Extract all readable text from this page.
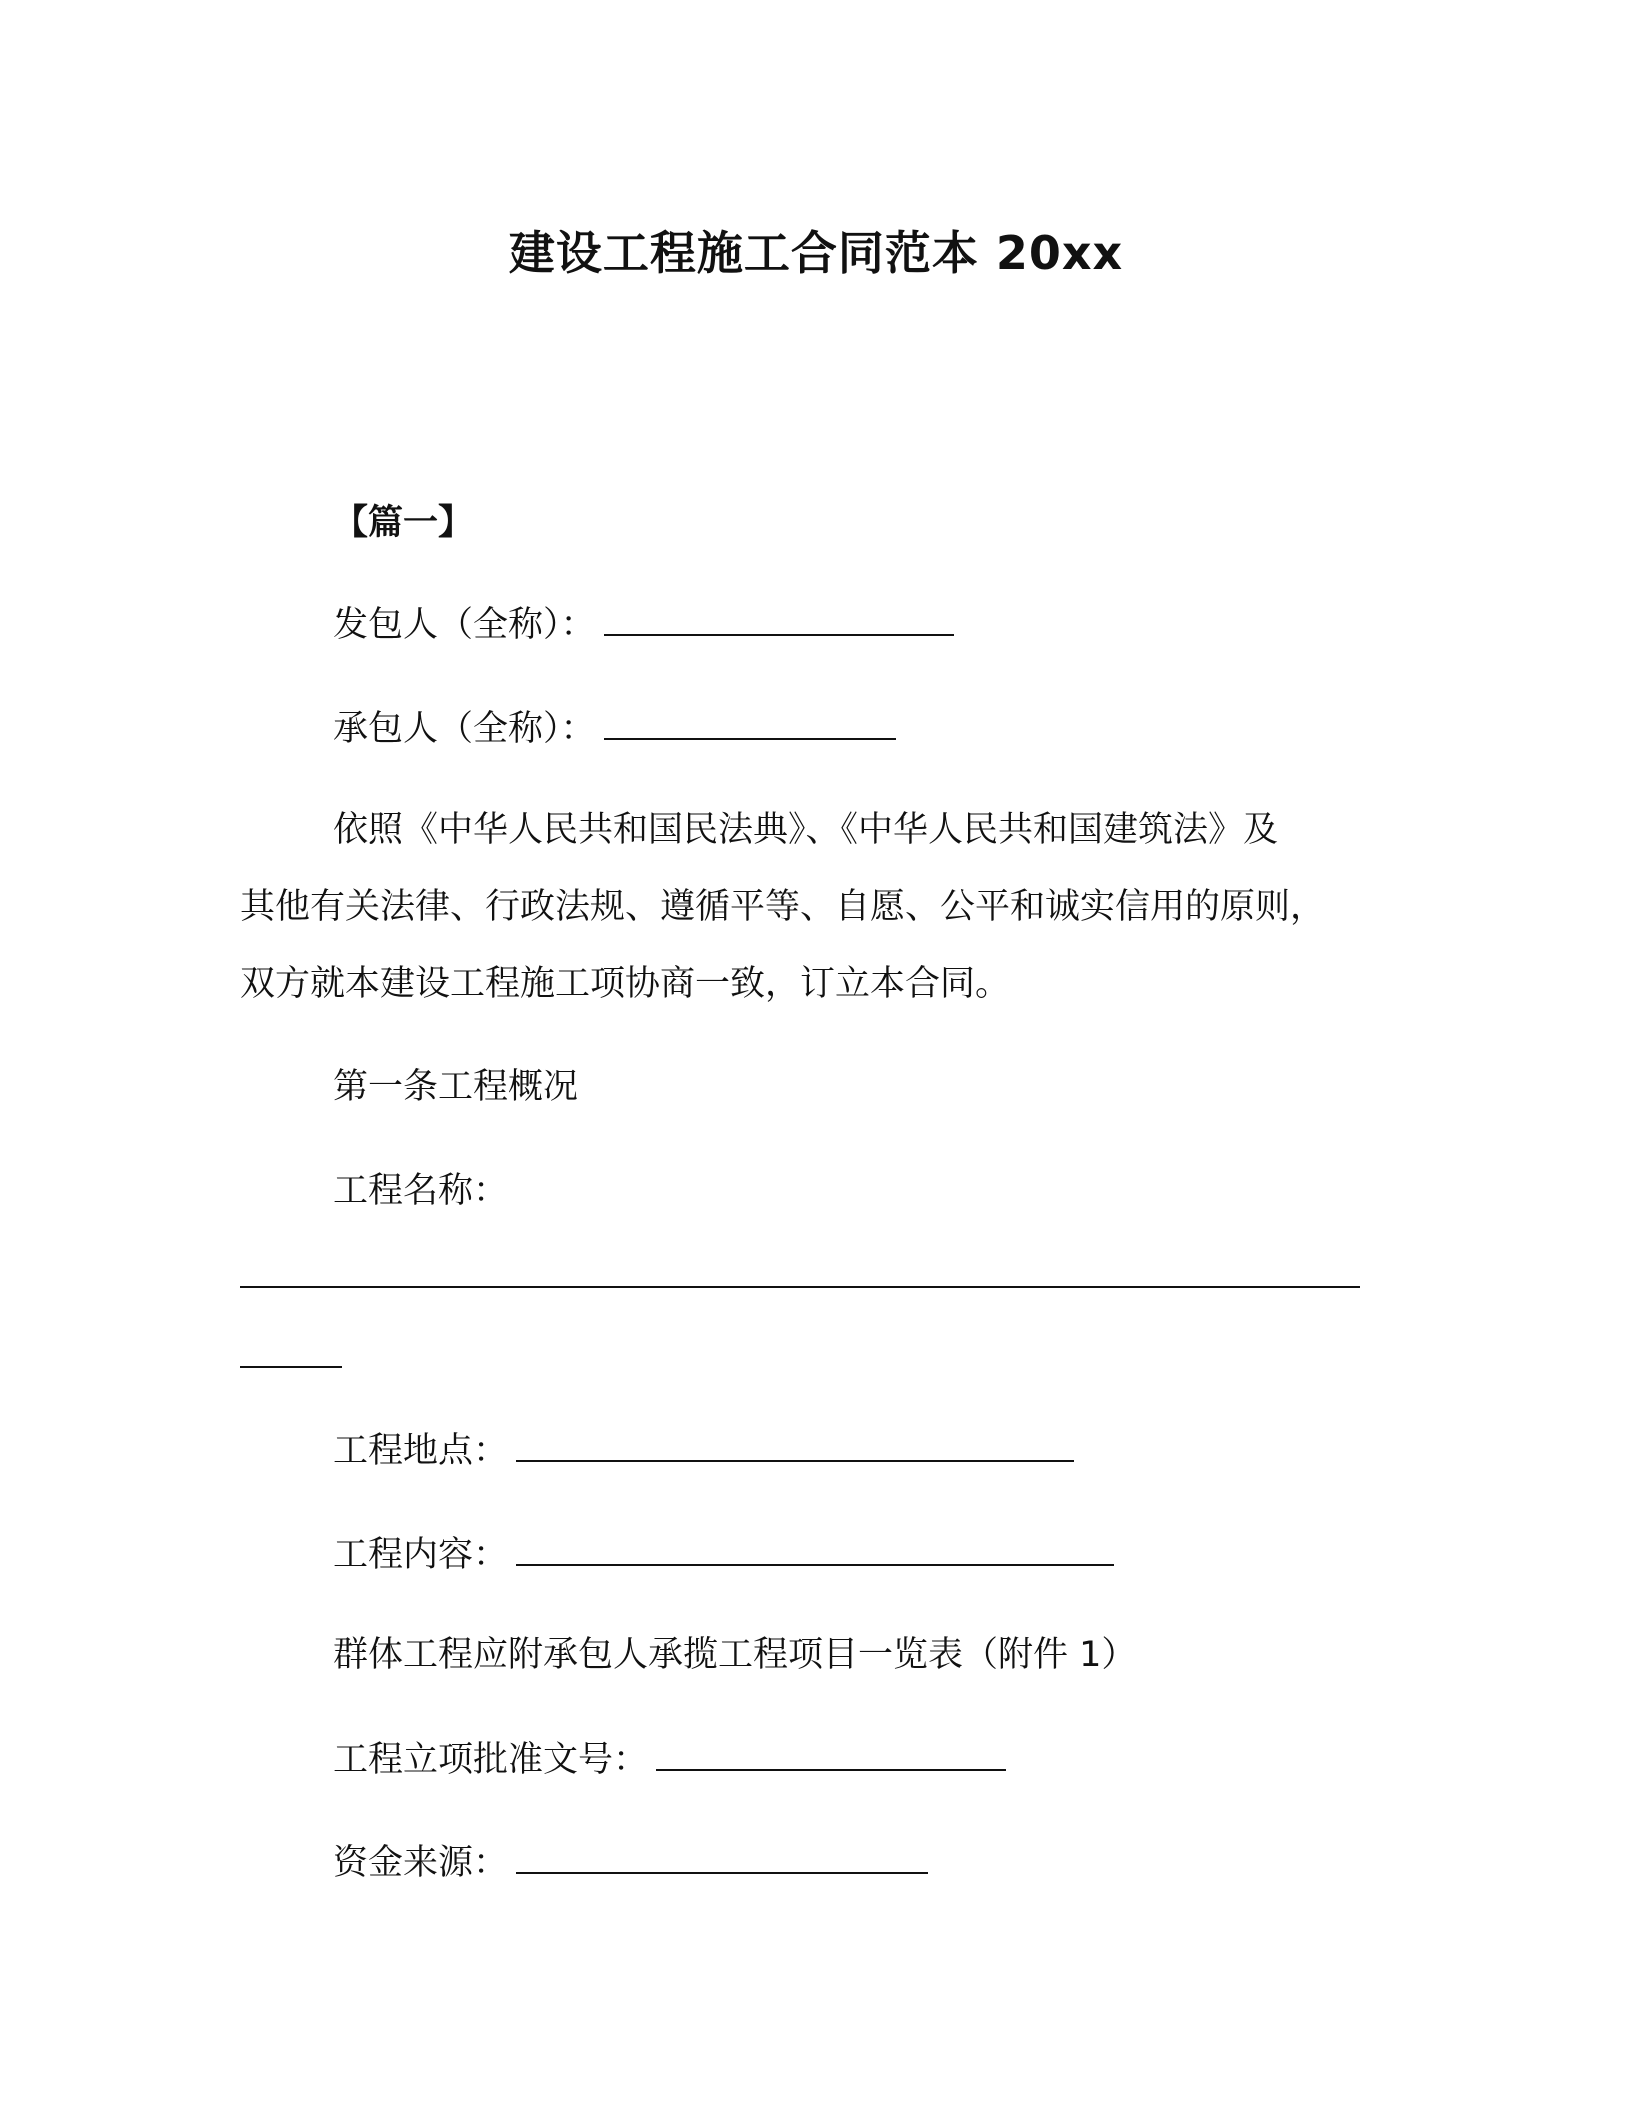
建设工程施工合同范本 20xx
【篇一】
发包人（全称）：
承包人（全称）：
依照《中华人民共和国民法典》、《中华人民共和国建筑法》及
其他有关法律、行政法规、遵循平等、自愿、公平和诚实信用的原则，
双方就本建设工程施工项协商一致，订立本合同。
第一条工程概况
工程名称：
工程地点：
工程内容：
群体工程应附承包人承揽工程项目一览表（附件 1）
工程立项批准文号：
资金来源：
